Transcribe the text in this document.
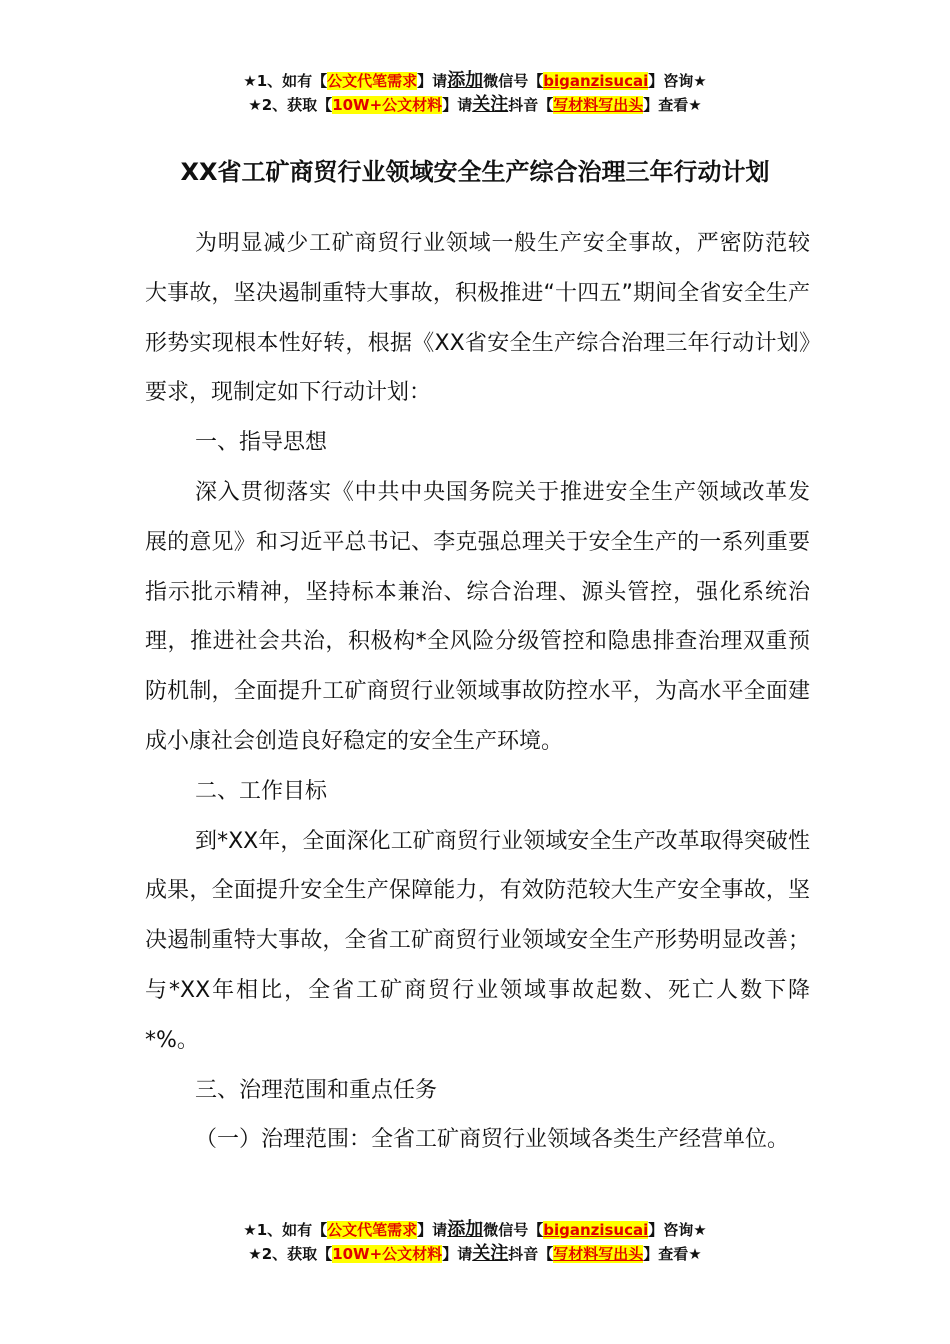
★1、如有【公文代笔需求】请添加微信号【biganzisucai】咨询★
★2、获取【10W+公文材料】请关注抖音【写材料写出头】查看★
XX省工矿商贸行业领域安全生产综合治理三年行动计划

为明显减少工矿商贸行业领域一般生产安全事故，严密防范较大事故，坚决遏制重特大事故，积极推进“十四五”期间全省安全生产形势实现根本性好转，根据《XX省安全生产综合治理三年行动计划》要求，现制定如下行动计划：

一、指导思想

深入贯彻落实《中共中央国务院关于推进安全生产领域改革发展的意见》和习近平总书记、李克强总理关于安全生产的一系列重要指示批示精神，坚持标本兼治、综合治理、源头管控，强化系统治理，推进社会共治，积极构*全风险分级管控和隐患排查治理双重预防机制，全面提升工矿商贸行业领域事故防控水平，为高水平全面建成小康社会创造良好稳定的安全生产环境。

二、工作目标

到*XX年，全面深化工矿商贸行业领域安全生产改革取得突破性成果，全面提升安全生产保障能力，有效防范较大生产安全事故，坚决遏制重特大事故，全省工矿商贸行业领域安全生产形势明显改善；与*XX年相比，全省工矿商贸行业领域事故起数、死亡人数下降*%。

三、治理范围和重点任务

（一）治理范围：全省工矿商贸行业领域各类生产经营单位。

★1、如有【公文代笔需求】请添加微信号【biganzisucai】咨询★
★2、获取【10W+公文材料】请关注抖音【写材料写出头】查看★
